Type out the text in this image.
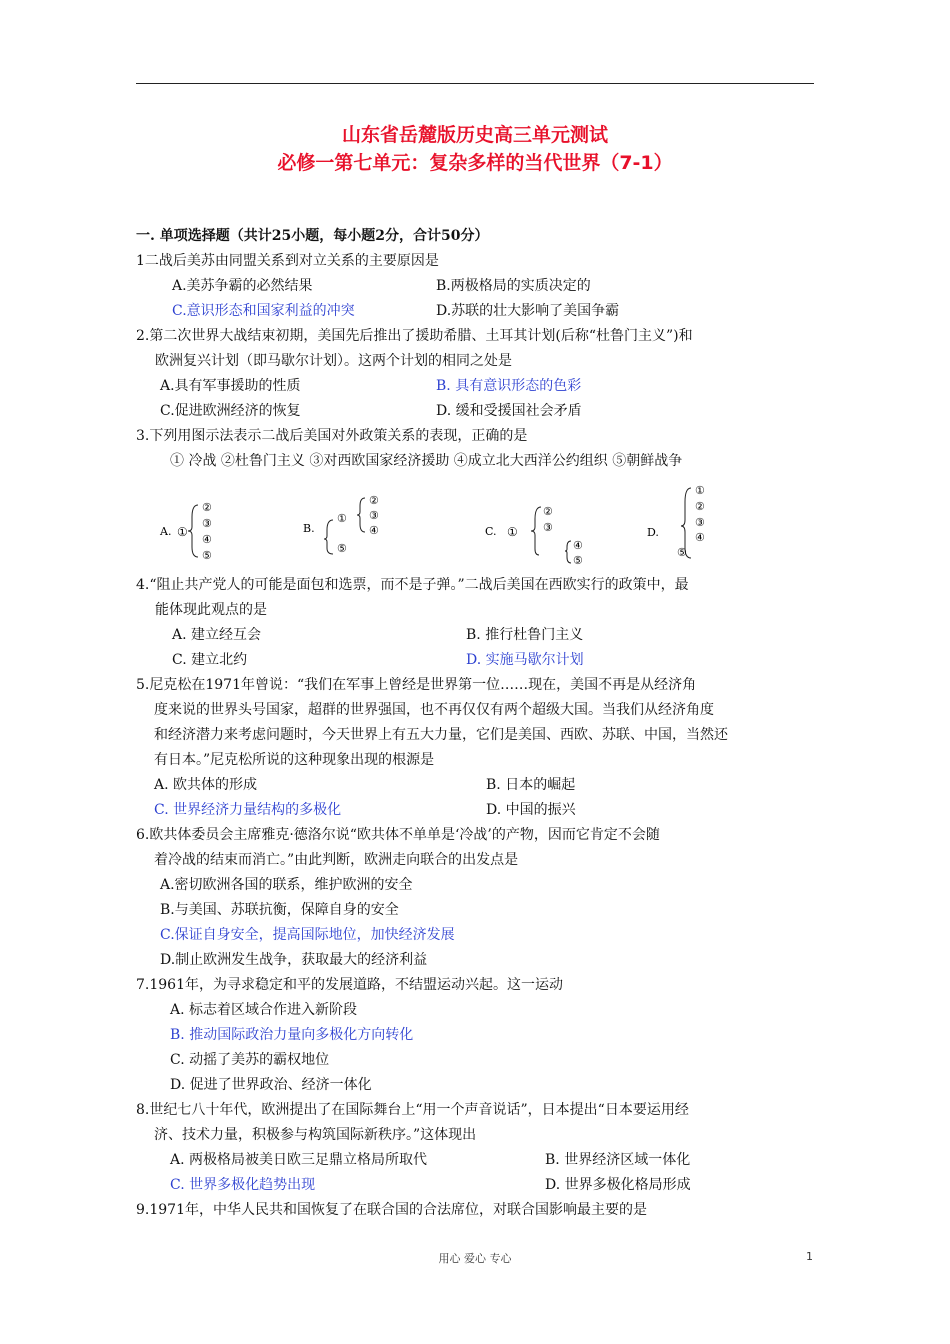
山东省岳麓版历史高三单元测试
必修一第七单元：复杂多样的当代世界（7-1）
一. 单项选择题（共计25小题，每小题2分，合计50分）
1二战后美苏由同盟关系到对立关系的主要原因是
A.美苏争霸的必然结果	B.两极格局的实质决定的
C.意识形态和国家利益的冲突	D.苏联的壮大影响了美国争霸
2.第二次世界大战结束初期，美国先后推出了援助希腊、土耳其计划(后称“杜鲁门主义”)和
欧洲复兴计划（即马歇尔计划）。这两个计划的相同之处是
A.具有军事援助的性质	B. 具有意识形态的色彩
C.促进欧洲经济的恢复	D. 缓和受援国社会矛盾
3.下列用图示法表示二战后美国对外政策关系的表现，正确的是
① 冷战 ②杜鲁门主义 ③对西欧国家经济援助 ④成立北大西洋公约组织 ⑤朝鲜战争
A. ①
②
③
④
⑤
B.
①
②
③
④
⑤
C. ①
②
③
④
⑤
D.
①
②
③
④
⑤
4.“阻止共产党人的可能是面包和选票，而不是子弹。”二战后美国在西欧实行的政策中，最
能体现此观点的是
A. 建立经互会	B. 推行杜鲁门主义
C. 建立北约	D. 实施马歇尔计划
5.尼克松在1971年曾说：“我们在军事上曾经是世界第一位……现在，美国不再是从经济角
度来说的世界头号国家，超群的世界强国，也不再仅仅有两个超级大国。当我们从经济角度
和经济潜力来考虑问题时，今天世界上有五大力量，它们是美国、西欧、苏联、中国，当然还
有日本。”尼克松所说的这种现象出现的根源是
A. 欧共体的形成	B. 日本的崛起
C. 世界经济力量结构的多极化	D. 中国的振兴
6.欧共体委员会主席雅克·德洛尔说“欧共体不单单是‘冷战’的产物，因而它肯定不会随
着冷战的结束而消亡。”由此判断，欧洲走向联合的出发点是
A.密切欧洲各国的联系，维护欧洲的安全
B.与美国、苏联抗衡，保障自身的安全
C.保证自身安全，提高国际地位，加快经济发展
D.制止欧洲发生战争，获取最大的经济利益
7.1961年，为寻求稳定和平的发展道路，不结盟运动兴起。这一运动
A. 标志着区域合作进入新阶段
B. 推动国际政治力量向多极化方向转化
C. 动摇了美苏的霸权地位
D. 促进了世界政治、经济一体化
8.世纪七八十年代，欧洲提出了在国际舞台上“用一个声音说话”，日本提出“日本要运用经
济、技术力量，积极参与构筑国际新秩序。”这体现出
A. 两极格局被美日欧三足鼎立格局所取代	B. 世界经济区域一体化
C. 世界多极化趋势出现	D. 世界多极化格局形成
9.1971年，中华人民共和国恢复了在联合国的合法席位，对联合国影响最主要的是
用心 爱心 专心	1
